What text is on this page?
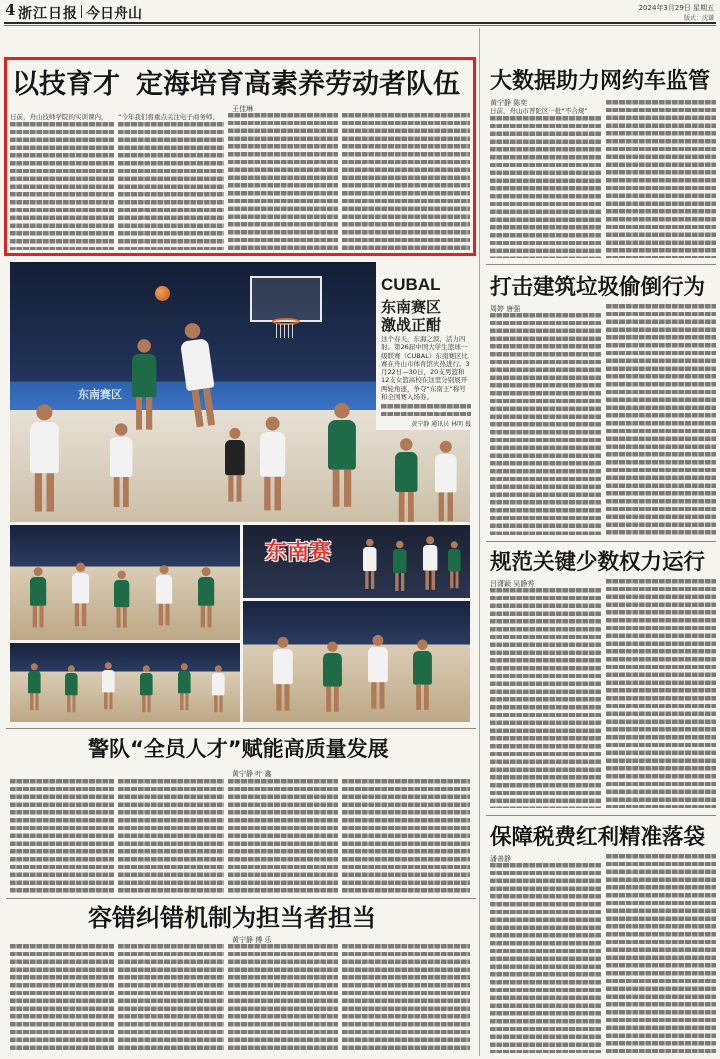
4 浙江日报 今日舟山	2024年3月29日 星期五
版式：沈谦
以技育才 定海培育高素养劳动者队伍
王佳琳
日前，舟山技师学院的实训课内，	“今年我们将重点关注电子商务师、
东南赛区
CUBAL
东南赛区
激战正酣
这个春天，东海之滨，活力四射。第26届中国大学生篮球一级联赛（CUBAL）东南赛区比赛在舟山市体育馆火热进行。3月22日—30日，20支男篮和12支女篮高校在这里分别展开两轮角逐，争夺“东南王”称号和全国赛入场券。
黄宁静 通讯员 林明 摄
东南赛
警队“全员人才”赋能高质量发展
黄宁静 叶 鑫
容错纠错机制为担当者担当
黄宁静 傅 乐
大数据助力网约车监管
黄宁静 陈奕
日前，舟山市普陀区一批“不合规”
打击建筑垃圾偷倒行为
周婷 唐强
规范关键少数权力运行
吕潇颖 吴静秀
保障税费红利精准落袋
潘善静
